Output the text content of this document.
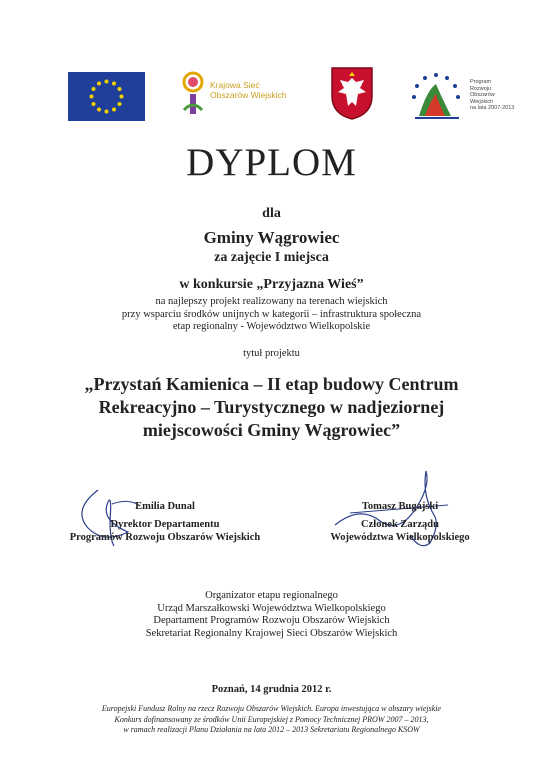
Krajowa Sieć
Obszarów Wiejskich
Program
Rozwoju
Obszarów
Wiejskich
na lata 2007-2013
DYPLOM
dla
Gminy Wągrowiec
za zajęcie I miejsca
w konkursie „Przyjazna Wieś”
na najlepszy projekt realizowany na terenach wiejskich
przy wsparciu środków unijnych w kategorii – infrastruktura społeczna
etap regionalny - Województwo Wielkopolskie
tytuł projektu
„Przystań Kamienica – II etap budowy Centrum
Rekreacyjno – Turystycznego w nadjeziornej
miejscowości Gminy Wągrowiec”
Emilia Dunal
Dyrektor Departamentu
Programów Rozwoju Obszarów Wiejskich
Tomasz Bugajski
Członek Zarządu
Województwa Wielkopolskiego
Organizator etapu regionalnego
Urząd Marszałkowski Województwa Wielkopolskiego
Departament Programów Rozwoju Obszarów Wiejskich
Sekretariat Regionalny Krajowej Sieci Obszarów Wiejskich
Poznań, 14 grudnia 2012 r.
Europejski Fundusz Rolny na rzecz Rozwoju Obszarów Wiejskich. Europa inwestująca w obszary wiejskie
Konkurs dofinansowany ze środków Unii Europejskiej z Pomocy Technicznej PROW 2007 – 2013,
w ramach realizacji Planu Działania na lata 2012 – 2013 Sekretariatu Regionalnego KSOW
